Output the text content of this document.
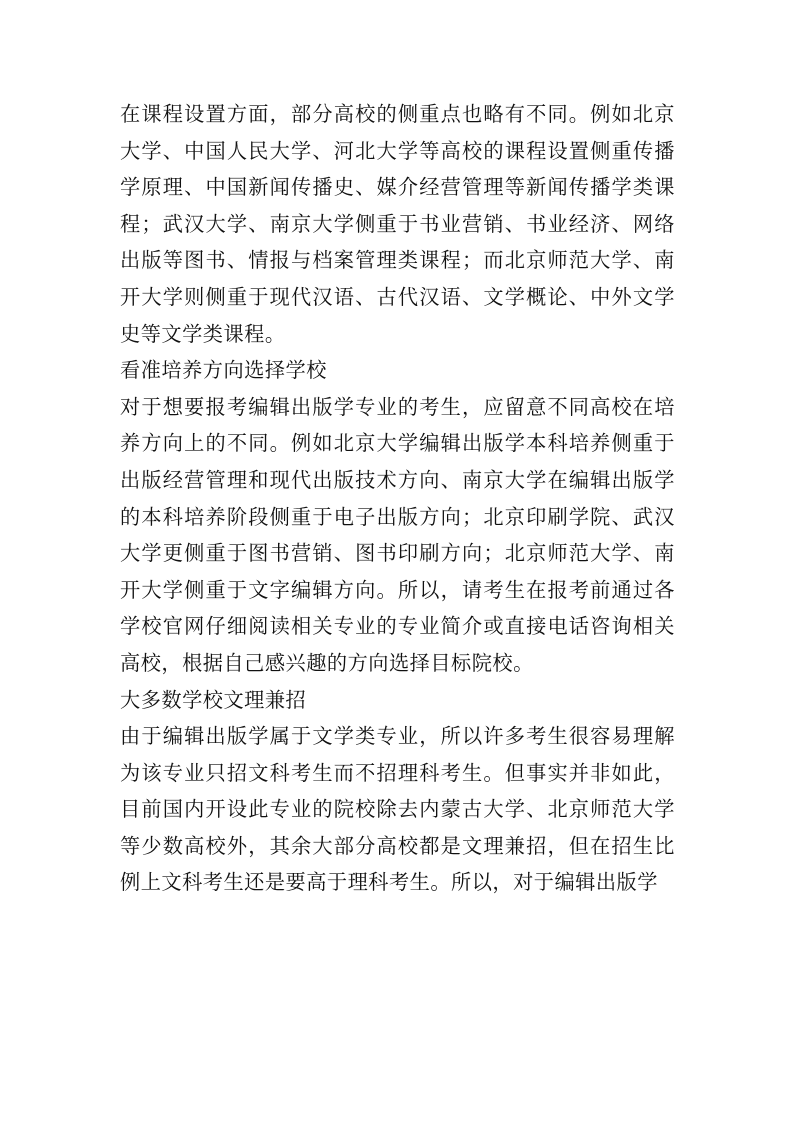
在课程设置方面，部分高校的侧重点也略有不同。例如北京大学、中国人民大学、河北大学等高校的课程设置侧重传播学原理、中国新闻传播史、媒介经营管理等新闻传播学类课程；武汉大学、南京大学侧重于书业营销、书业经济、网络出版等图书、情报与档案管理类课程；而北京师范大学、南开大学则侧重于现代汉语、古代汉语、文学概论、中外文学史等文学类课程。

看准培养方向选择学校

对于想要报考编辑出版学专业的考生，应留意不同高校在培养方向上的不同。例如北京大学编辑出版学本科培养侧重于出版经营管理和现代出版技术方向、南京大学在编辑出版学的本科培养阶段侧重于电子出版方向；北京印刷学院、武汉大学更侧重于图书营销、图书印刷方向；北京师范大学、南开大学侧重于文字编辑方向。所以，请考生在报考前通过各学校官网仔细阅读相关专业的专业简介或直接电话咨询相关高校，根据自己感兴趣的方向选择目标院校。

大多数学校文理兼招

由于编辑出版学属于文学类专业，所以许多考生很容易理解为该专业只招文科考生而不招理科考生。但事实并非如此，目前国内开设此专业的院校除去内蒙古大学、北京师范大学等少数高校外，其余大部分高校都是文理兼招，但在招生比例上文科考生还是要高于理科考生。所以，对于编辑出版学
